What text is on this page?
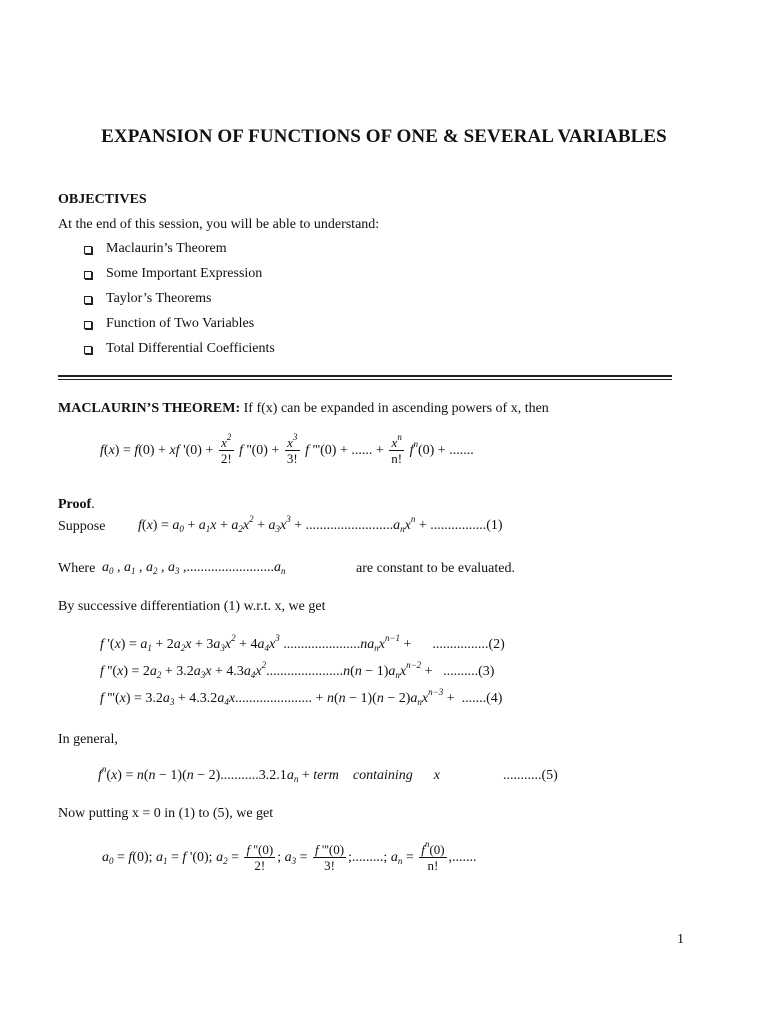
EXPANSION OF FUNCTIONS OF ONE & SEVERAL VARIABLES
OBJECTIVES
At the end of this session, you will be able to understand:
Maclaurin’s Theorem
Some Important Expression
Taylor’s Theorems
Function of Two Variables
Total Differential Coefficients
MACLAURIN’S THEOREM: If f(x) can be expanded in ascending powers of x, then
f(x) = f(0) + xf '$(0) + \frac{x^2}{2!}$ f ''$(0) + \frac{x^3}{3!}$ f '''(0) + ...... + $\frac{x^n}{n!} f^n(0)$ + .......
Proof.
Suppose $f(x) = a_0 + a_1x + a_2x^2 + a_3x^3 + .........................a_nx^n + ................(1)$
Where $a_0$ , $a_1$ , $a_2$ , $a_3$ $,.........................a_n$	are constant to be evaluated.
By successive differentiation (1) w.r.t. x, we get
f '$(x) = a_1 + 2a_2x + 3a_3x^2 + 4a_4x^3$ $......................na_nx^{n-1}$ +      ................(2)
f ''$(x) = 2a_2 + 3.2a_3x + 4.3a_4x^2......................n(n - 1)a_nx^{n-2} + ..........(3)$
f '''$(x) = 3.2a_3 + 4.3.2a_4x$...................... + $n(n - 1)(n - 2)a_nx^{n-3} + .......(4)$
In general,
$f^n(x) = n(n - 1)(n - 2)...........3.2.1a_n$ + term    containing      x                  ...........(5)
Now putting x = 0 in (1) to (5), we get
$a_0 = f(0)$; $a_1 = f$ '(0); $a_2 = \frac{f ''(0)}{2!}$ ; $a_3 = \frac{f '''(0)}{3!}$ ;.........; $a_n = \frac{f^n(0)}{n!}$ ,.......
1
